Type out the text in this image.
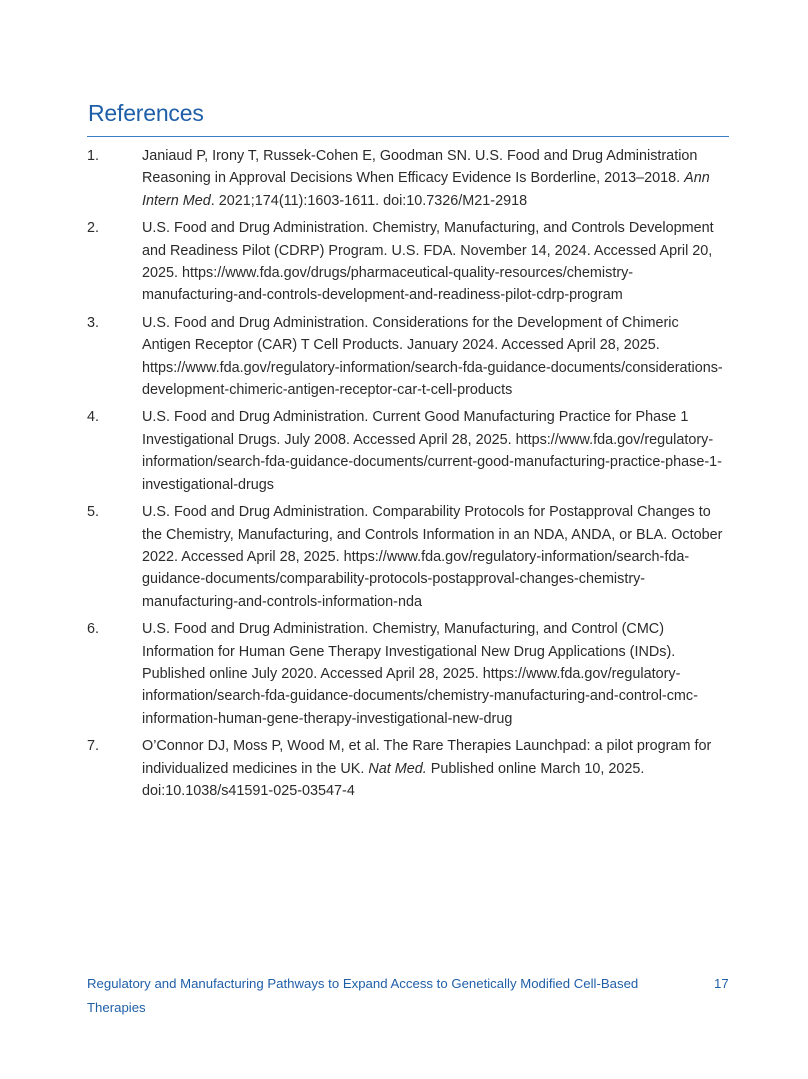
References
1.	Janiaud P, Irony T, Russek-Cohen E, Goodman SN. U.S. Food and Drug Administration Reasoning in Approval Decisions When Efficacy Evidence Is Borderline, 2013–2018. Ann Intern Med. 2021;174(11):1603-1611. doi:10.7326/M21-2918
2.	U.S. Food and Drug Administration. Chemistry, Manufacturing, and Controls Development and Readiness Pilot (CDRP) Program. U.S. FDA. November 14, 2024. Accessed April 20, 2025. https://www.fda.gov/drugs/pharmaceutical-quality-resources/chemistry-manufacturing-and-controls-development-and-readiness-pilot-cdrp-program
3.	U.S. Food and Drug Administration. Considerations for the Development of Chimeric Antigen Receptor (CAR) T Cell Products. January 2024. Accessed April 28, 2025. https://www.fda.gov/regulatory-information/search-fda-guidance-documents/considerations-development-chimeric-antigen-receptor-car-t-cell-products
4.	U.S. Food and Drug Administration. Current Good Manufacturing Practice for Phase 1 Investigational Drugs. July 2008. Accessed April 28, 2025. https://www.fda.gov/regulatory-information/search-fda-guidance-documents/current-good-manufacturing-practice-phase-1-investigational-drugs
5.	U.S. Food and Drug Administration. Comparability Protocols for Postapproval Changes to the Chemistry, Manufacturing, and Controls Information in an NDA, ANDA, or BLA. October 2022. Accessed April 28, 2025. https://www.fda.gov/regulatory-information/search-fda-guidance-documents/comparability-protocols-postapproval-changes-chemistry-manufacturing-and-controls-information-nda
6.	U.S. Food and Drug Administration. Chemistry, Manufacturing, and Control (CMC) Information for Human Gene Therapy Investigational New Drug Applications (INDs). Published online July 2020. Accessed April 28, 2025. https://www.fda.gov/regulatory-information/search-fda-guidance-documents/chemistry-manufacturing-and-control-cmc-information-human-gene-therapy-investigational-new-drug
7.	O’Connor DJ, Moss P, Wood M, et al. The Rare Therapies Launchpad: a pilot program for individualized medicines in the UK. Nat Med. Published online March 10, 2025. doi:10.1038/s41591-025-03547-4
Regulatory and Manufacturing Pathways to Expand Access to Genetically Modified Cell-Based Therapies
17
